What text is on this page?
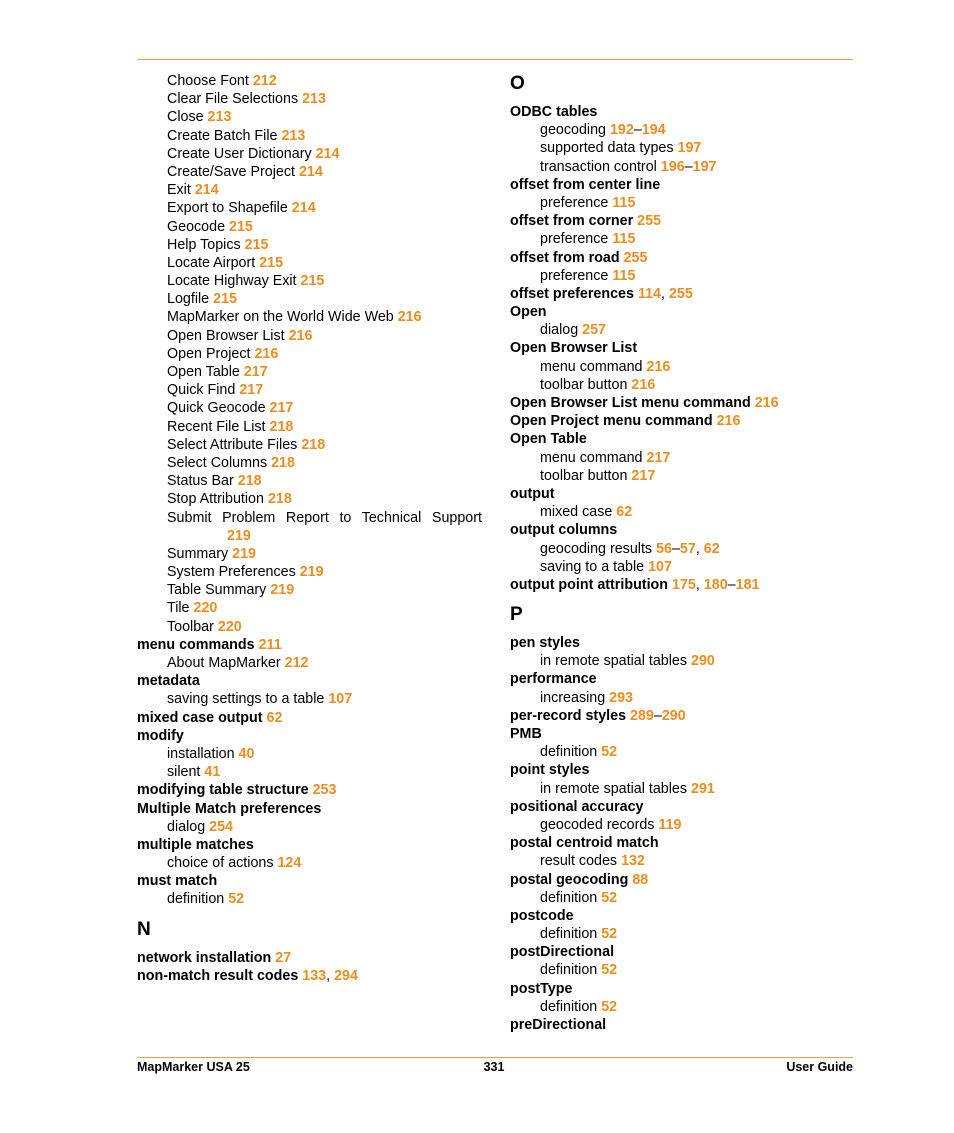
Choose Font 212
Clear File Selections 213
Close 213
Create Batch File 213
Create User Dictionary 214
Create/Save Project 214
Exit 214
Export to Shapefile 214
Geocode 215
Help Topics 215
Locate Airport 215
Locate Highway Exit 215
Logfile 215
MapMarker on the World Wide Web 216
Open Browser List 216
Open Project 216
Open Table 217
Quick Find 217
Quick Geocode 217
Recent File List 218
Select Attribute Files 218
Select Columns 218
Status Bar 218
Stop Attribution 218
Submit Problem Report to Technical Support
219
Summary 219
System Preferences 219
Table Summary 219
Tile 220
Toolbar 220
menu commands 211
About MapMarker 212
metadata
saving settings to a table 107
mixed case output 62
modify
installation 40
silent 41
modifying table structure 253
Multiple Match preferences
dialog 254
multiple matches
choice of actions 124
must match
definition 52
N
network installation 27
non-match result codes 133, 294
O
ODBC tables
geocoding 192–194
supported data types 197
transaction control 196–197
offset from center line
preference 115
offset from corner 255
preference 115
offset from road 255
preference 115
offset preferences 114, 255
Open
dialog 257
Open Browser List
menu command 216
toolbar button 216
Open Browser List menu command 216
Open Project menu command 216
Open Table
menu command 217
toolbar button 217
output
mixed case 62
output columns
geocoding results 56–57, 62
saving to a table 107
output point attribution 175, 180–181
P
pen styles
in remote spatial tables 290
performance
increasing 293
per-record styles 289–290
PMB
definition 52
point styles
in remote spatial tables 291
positional accuracy
geocoded records 119
postal centroid match
result codes 132
postal geocoding 88
definition 52
postcode
definition 52
postDirectional
definition 52
postType
definition 52
preDirectional
MapMarker USA 25	331	User Guide
